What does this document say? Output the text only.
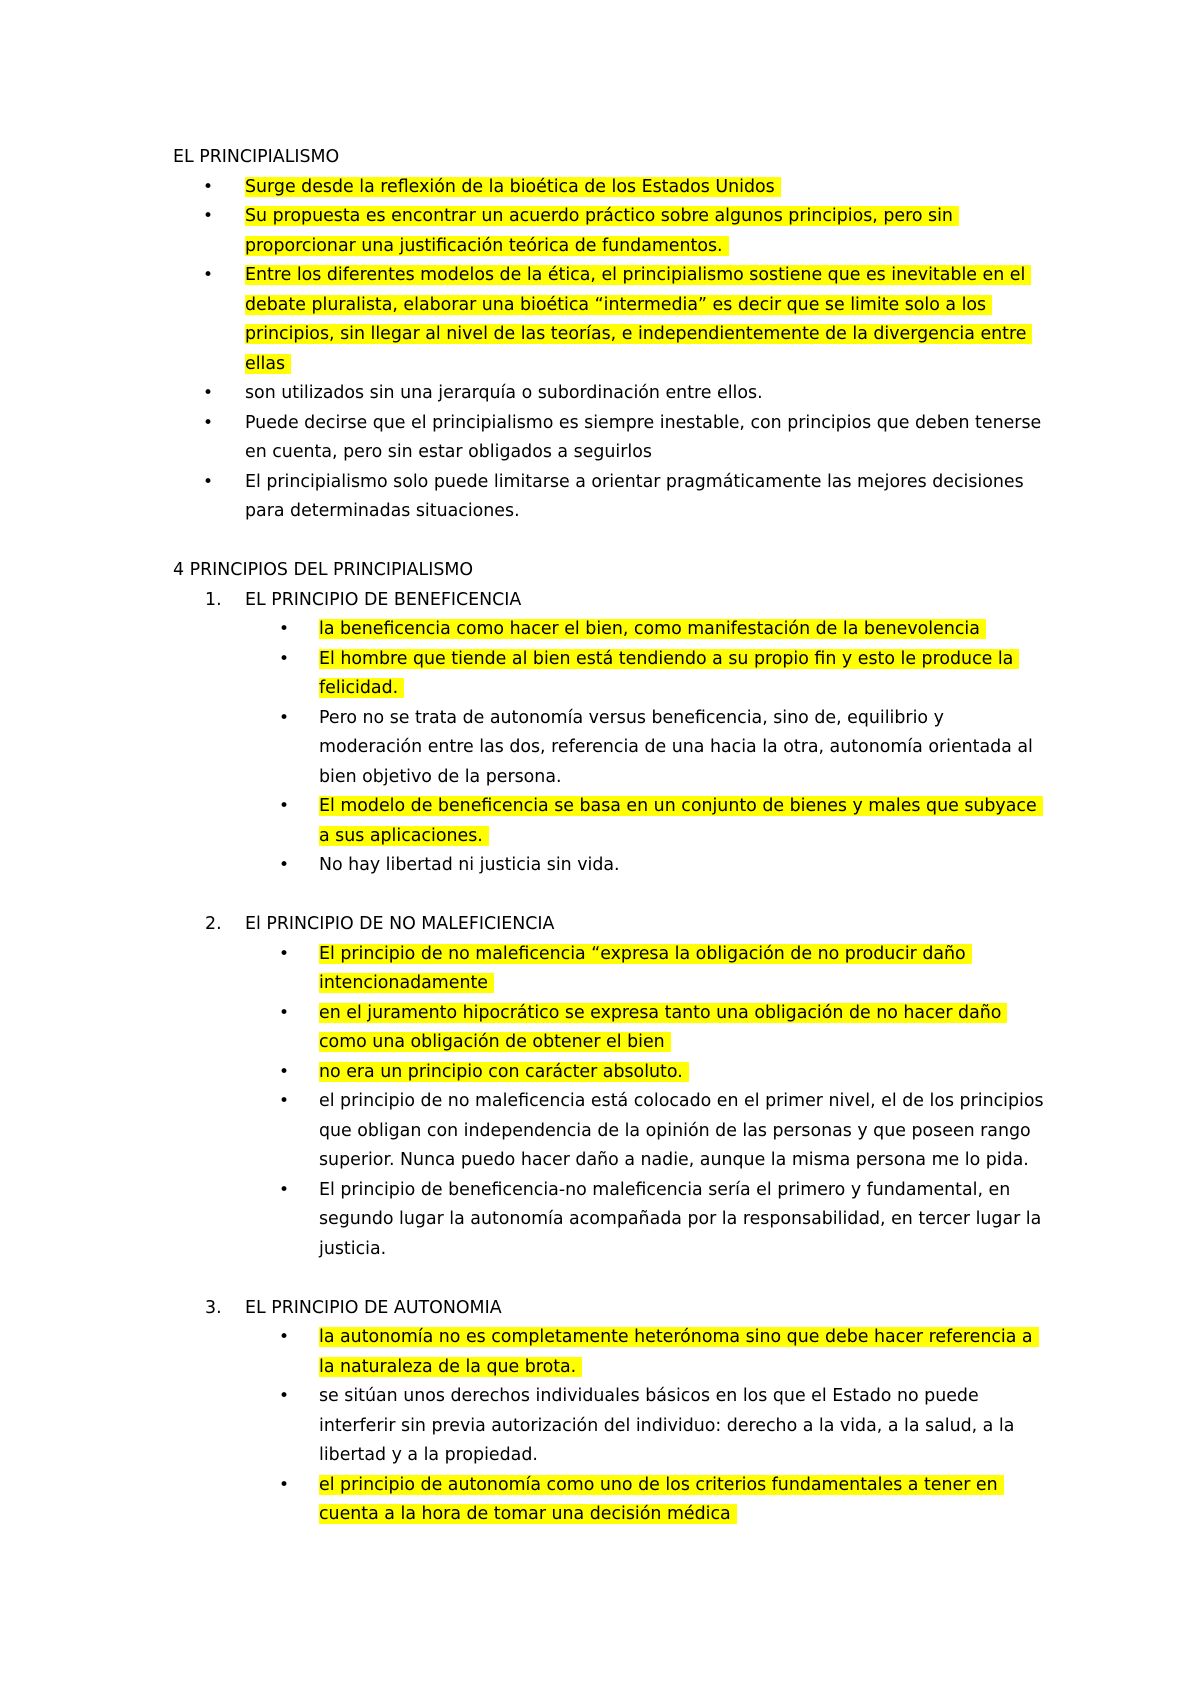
EL PRINCIPIALISMO

• Surge desde la reflexión de la bioética de los Estados Unidos
• Su propuesta es encontrar un acuerdo práctico sobre algunos principios, pero sin proporcionar una justificación teórica de fundamentos.
• Entre los diferentes modelos de la ética, el principialismo sostiene que es inevitable en el debate pluralista, elaborar una bioética “intermedia” es decir que se limite solo a los principios, sin llegar al nivel de las teorías, e independientemente de la divergencia entre ellas
• son utilizados sin una jerarquía o subordinación entre ellos.
• Puede decirse que el principialismo es siempre inestable, con principios que deben tenerse en cuenta, pero sin estar obligados a seguirlos
• El principialismo solo puede limitarse a orientar pragmáticamente las mejores decisiones para determinadas situaciones.

4 PRINCIPIOS DEL PRINCIPIALISMO

1. EL PRINCIPIO DE BENEFICENCIA
• la beneficencia como hacer el bien, como manifestación de la benevolencia
• El hombre que tiende al bien está tendiendo a su propio fin y esto le produce la felicidad.
• Pero no se trata de autonomía versus beneficencia, sino de, equilibrio y moderación entre las dos, referencia de una hacia la otra, autonomía orientada al bien objetivo de la persona.
• El modelo de beneficencia se basa en un conjunto de bienes y males que subyace a sus aplicaciones.
• No hay libertad ni justicia sin vida.
2. El PRINCIPIO DE NO MALEFICIENCIA
• El principio de no maleficencia “expresa la obligación de no producir daño intencionadamente
• en el juramento hipocrático se expresa tanto una obligación de no hacer daño como una obligación de obtener el bien
• no era un principio con carácter absoluto.
• el principio de no maleficencia está colocado en el primer nivel, el de los principios que obligan con independencia de la opinión de las personas y que poseen rango superior. Nunca puedo hacer daño a nadie, aunque la misma persona me lo pida.
• El principio de beneficencia-no maleficencia sería el primero y fundamental, en segundo lugar la autonomía acompañada por la responsabilidad, en tercer lugar la justicia.
3. EL PRINCIPIO DE AUTONOMIA
• la autonomía no es completamente heterónoma sino que debe hacer referencia a la naturaleza de la que brota.
• se sitúan unos derechos individuales básicos en los que el Estado no puede interferir sin previa autorización del individuo: derecho a la vida, a la salud, a la libertad y a la propiedad.
• el principio de autonomía como uno de los criterios fundamentales a tener en cuenta a la hora de tomar una decisión médica
